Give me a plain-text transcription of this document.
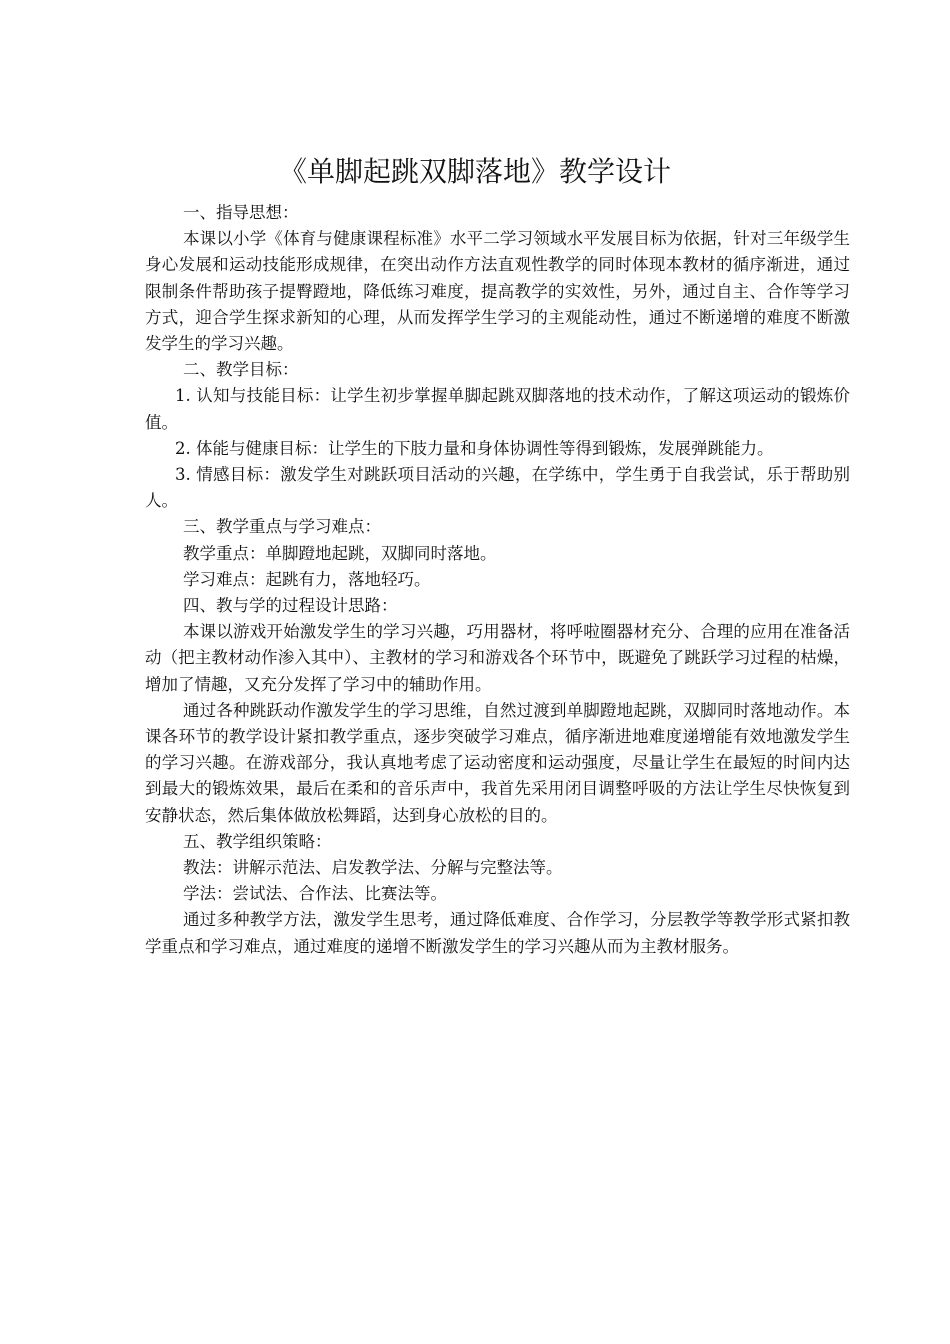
《单脚起跳双脚落地》教学设计

一、指导思想：

本课以小学《体育与健康课程标准》水平二学习领域水平发展目标为依据，针对三年级学生身心发展和运动技能形成规律，在突出动作方法直观性教学的同时体现本教材的循序渐进，通过限制条件帮助孩子提臀蹬地，降低练习难度，提高教学的实效性，另外，通过自主、合作等学习方式，迎合学生探求新知的心理，从而发挥学生学习的主观能动性，通过不断递增的难度不断激发学生的学习兴趣。

二、教学目标：

1. 认知与技能目标：让学生初步掌握单脚起跳双脚落地的技术动作，了解这项运动的锻炼价值。

2. 体能与健康目标：让学生的下肢力量和身体协调性等得到锻炼，发展弹跳能力。

3. 情感目标：激发学生对跳跃项目活动的兴趣，在学练中，学生勇于自我尝试，乐于帮助别人。

三、教学重点与学习难点：

教学重点：单脚蹬地起跳，双脚同时落地。

学习难点：起跳有力，落地轻巧。

四、教与学的过程设计思路：

本课以游戏开始激发学生的学习兴趣，巧用器材，将呼啦圈器材充分、合理的应用在准备活动（把主教材动作渗入其中）、主教材的学习和游戏各个环节中，既避免了跳跃学习过程的枯燥，增加了情趣，又充分发挥了学习中的辅助作用。

通过各种跳跃动作激发学生的学习思维，自然过渡到单脚蹬地起跳，双脚同时落地动作。本课各环节的教学设计紧扣教学重点，逐步突破学习难点，循序渐进地难度递增能有效地激发学生的学习兴趣。在游戏部分，我认真地考虑了运动密度和运动强度，尽量让学生在最短的时间内达到最大的锻炼效果，最后在柔和的音乐声中，我首先采用闭目调整呼吸的方法让学生尽快恢复到安静状态，然后集体做放松舞蹈，达到身心放松的目的。

五、教学组织策略：

教法：讲解示范法、启发教学法、分解与完整法等。

学法：尝试法、合作法、比赛法等。

通过多种教学方法，激发学生思考，通过降低难度、合作学习，分层教学等教学形式紧扣教学重点和学习难点，通过难度的递增不断激发学生的学习兴趣从而为主教材服务。
